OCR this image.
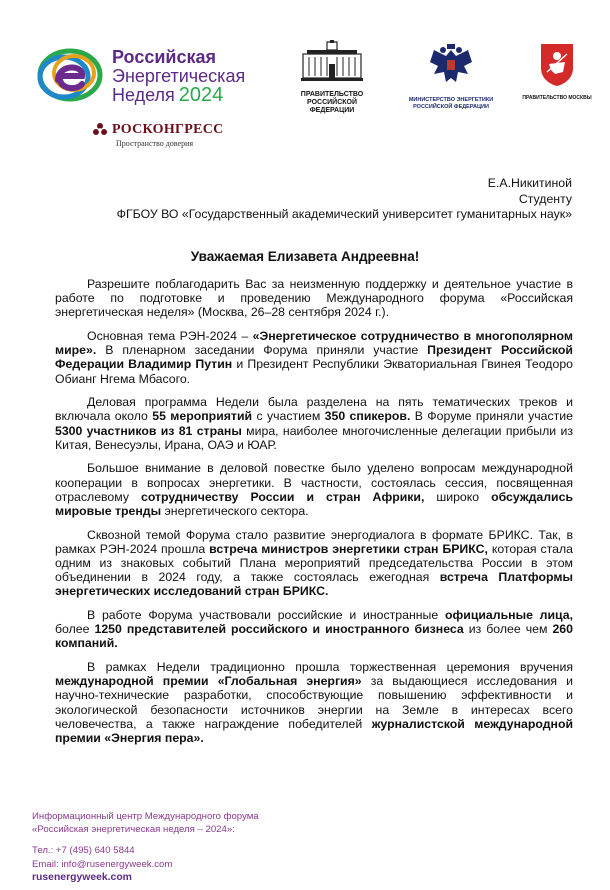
Российская
Энергетическая
Неделя 2024
РОСКОНГРЕСС
Пространство доверия
ПРАВИТЕЛЬСТВО
РОССИЙСКОЙ
ФЕДЕРАЦИИ
МИНИСТЕРСТВО ЭНЕРГЕТИКИ
РОССИЙСКОЙ ФЕДЕРАЦИИ
ПРАВИТЕЛЬСТВО МОСКВЫ
Е.А.Никитиной
Студенту
ФГБОУ ВО «Государственный академический университет гуманитарных наук»
Уважаемая Елизавета Андреевна!

Разрешите поблагодарить Вас за неизменную поддержку и деятельное участие в работе по подготовке и проведению Международного форума «Российская энергетическая неделя» (Москва, 26–28 сентября 2024 г.).

Основная тема РЭН-2024 – «Энергетическое сотрудничество в многополярном мире». В пленарном заседании Форума приняли участие Президент Российской Федерации Владимир Путин и Президент Республики Экваториальная Гвинея Теодоро Обианг Нгема Мбасого.

Деловая программа Недели была разделена на пять тематических треков и включала около 55 мероприятий с участием 350 спикеров. В Форуме приняли участие 5300 участников из 81 страны мира, наиболее многочисленные делегации прибыли из Китая, Венесуэлы, Ирана, ОАЭ и ЮАР.

Большое внимание в деловой повестке было уделено вопросам международной кооперации в вопросах энергетики. В частности, состоялась сессия, посвященная отраслевому сотрудничеству России и стран Африки, широко обсуждались мировые тренды энергетического сектора.

Сквозной темой Форума стало развитие энергодиалога в формате БРИКС. Так, в рамках РЭН-2024 прошла встреча министров энергетики стран БРИКС, которая стала одним из знаковых событий Плана мероприятий председательства России в этом объединении в 2024 году, а также состоялась ежегодная встреча Платформы энергетических исследований стран БРИКС.

В работе Форума участвовали российские и иностранные официальные лица, более 1250 представителей российского и иностранного бизнеса из более чем 260 компаний.

В рамках Недели традиционно прошла торжественная церемония вручения международной премии «Глобальная энергия» за выдающиеся исследования и научно-технические разработки, способствующие повышению эффективности и экологической безопасности источников энергии на Земле в интересах всего человечества, а также награждение победителей журналистской международной премии «Энергия пера».

Информационный центр Международного форума
«Российская энергетическая неделя – 2024»:
Тел.: +7 (495) 640 5844
Email: info@rusenergyweek.com
rusenergyweek.com
